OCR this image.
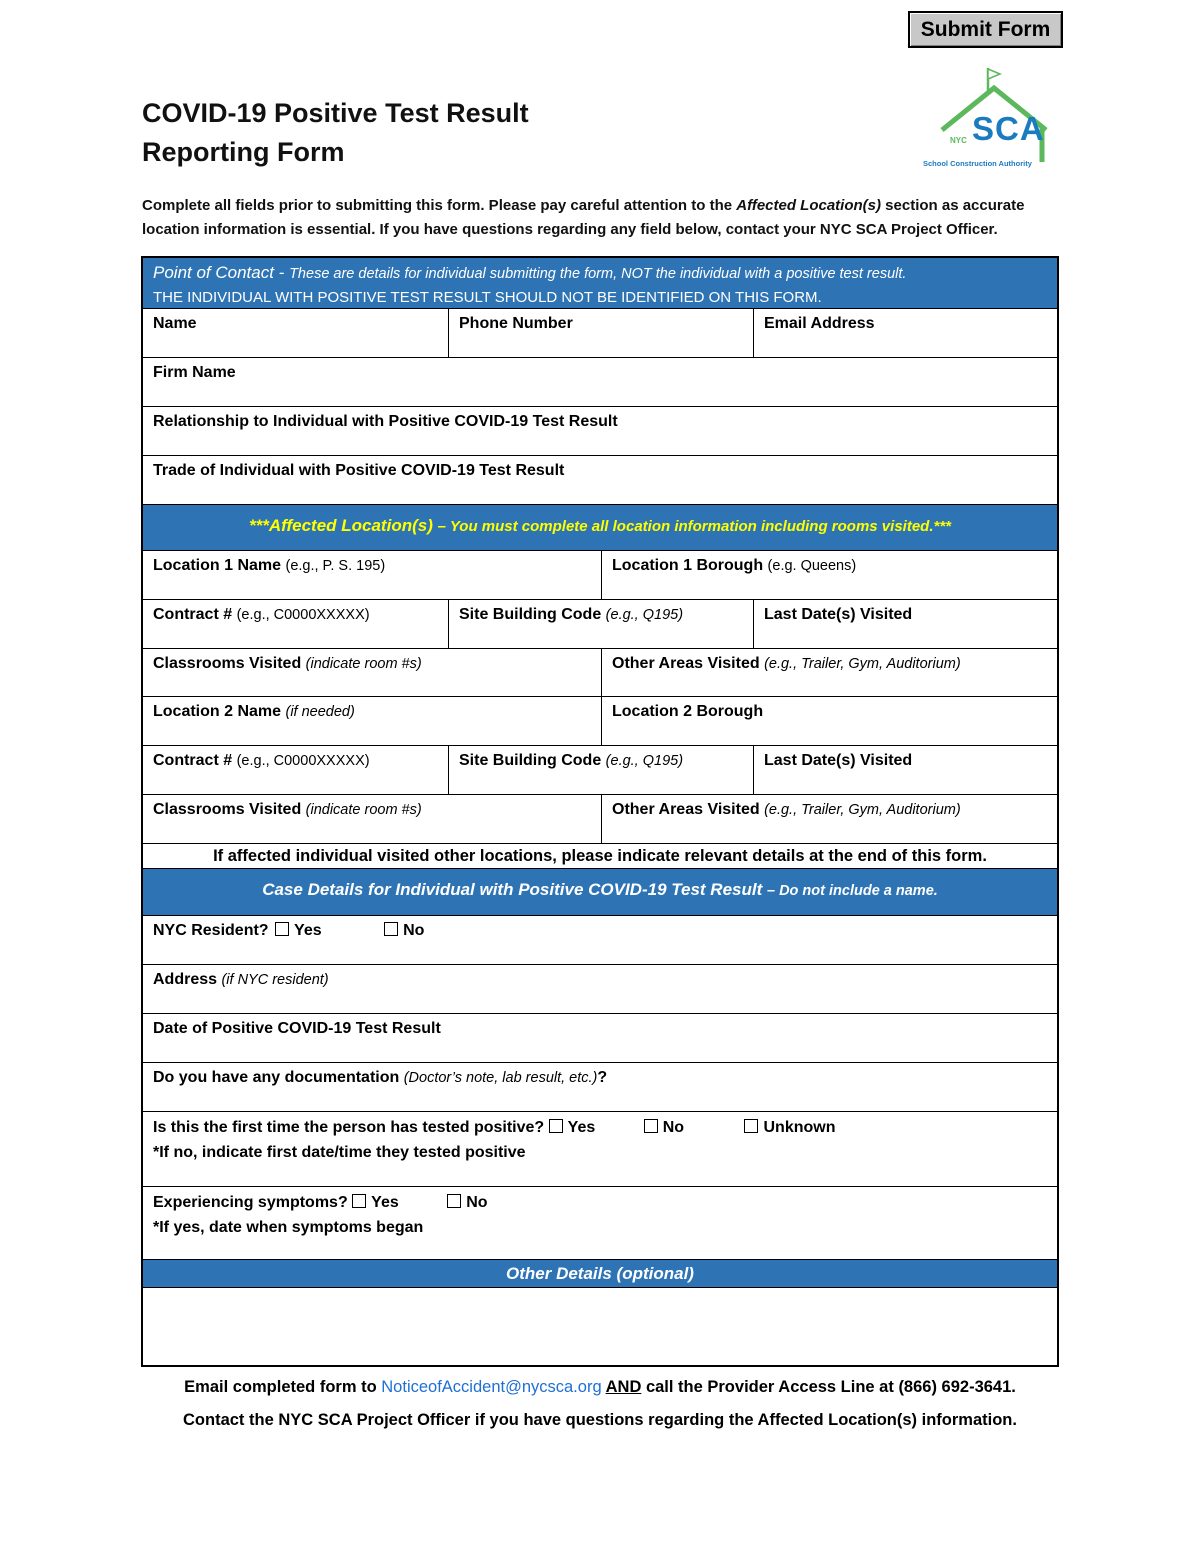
Submit Form
NYC SCA
School Construction Authority
COVID-19 Positive Test Result
Reporting Form
Complete all fields prior to submitting this form. Please pay careful attention to the Affected Location(s) section as accurate location information is essential. If you have questions regarding any field below, contact your NYC SCA Project Officer.
Point of Contact - These are details for individual submitting the form, NOT the individual with a positive test result.
THE INDIVIDUAL WITH POSITIVE TEST RESULT SHOULD NOT BE IDENTIFIED ON THIS FORM.
Name	Phone Number	Email Address
Firm Name
Relationship to Individual with Positive COVID-19 Test Result
Trade of Individual with Positive COVID-19 Test Result
***Affected Location(s) – You must complete all location information including rooms visited.***
Location 1 Name (e.g., P. S. 195)	Location 1 Borough (e.g. Queens)
Contract # (e.g., C0000XXXXX)	Site Building Code (e.g., Q195)	Last Date(s) Visited
Classrooms Visited (indicate room #s)	Other Areas Visited (e.g., Trailer, Gym, Auditorium)
Location 2 Name (if needed)	Location 2 Borough
Contract # (e.g., C0000XXXXX)	Site Building Code (e.g., Q195)	Last Date(s) Visited
Classrooms Visited (indicate room #s)	Other Areas Visited (e.g., Trailer, Gym, Auditorium)
If affected individual visited other locations, please indicate relevant details at the end of this form.
Case Details for Individual with Positive COVID-19 Test Result – Do not include a name.
NYC Resident? Yes	No
Address (if NYC resident)
Date of Positive COVID-19 Test Result
Do you have any documentation (Doctor’s note, lab result, etc.)?
Is this the first time the person has tested positive? Yes	No	Unknown
*If no, indicate first date/time they tested positive
Experiencing symptoms? Yes	No
*If yes, date when symptoms began
Other Details (optional)
Email completed form to NoticeofAccident@nycsca.org AND call the Provider Access Line at (866) 692-3641.
Contact the NYC SCA Project Officer if you have questions regarding the Affected Location(s) information.
